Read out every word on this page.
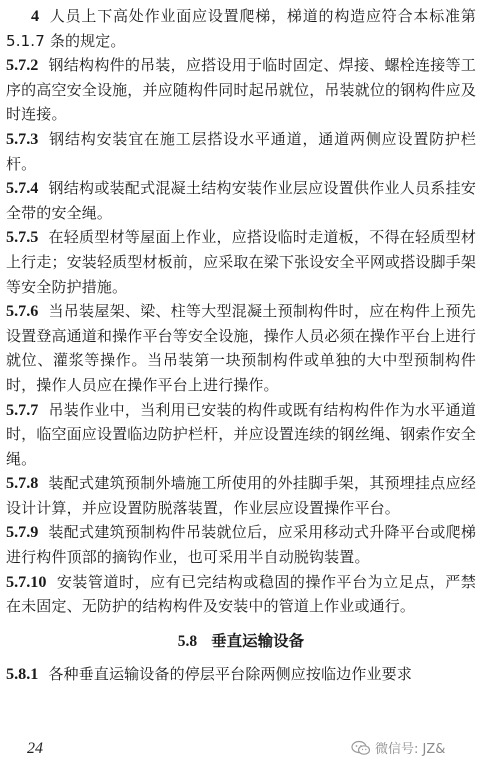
4 人员上下高处作业面应设置爬梯，梯道的构造应符合本标准第 5.1.7 条的规定。

5.7.2 钢结构构件的吊装，应搭设用于临时固定、焊接、螺栓连接等工序的高空安全设施，并应随构件同时起吊就位，吊装就位的钢构件应及时连接。

5.7.3 钢结构安装宜在施工层搭设水平通道，通道两侧应设置防护栏杆。

5.7.4 钢结构或装配式混凝土结构安装作业层应设置供作业人员系挂安全带的安全绳。

5.7.5 在轻质型材等屋面上作业，应搭设临时走道板，不得在轻质型材上行走；安装轻质型材板前，应采取在梁下张设安全平网或搭设脚手架等安全防护措施。

5.7.6 当吊装屋架、梁、柱等大型混凝土预制构件时，应在构件上预先设置登高通道和操作平台等安全设施，操作人员必须在操作平台上进行就位、灌浆等操作。当吊装第一块预制构件或单独的大中型预制构件时，操作人员应在操作平台上进行操作。

5.7.7 吊装作业中，当利用已安装的构件或既有结构构件作为水平通道时，临空面应设置临边防护栏杆，并应设置连续的钢丝绳、钢索作安全绳。

5.7.8 装配式建筑预制外墙施工所使用的外挂脚手架，其预埋挂点应经设计计算，并应设置防脱落装置，作业层应设置操作平台。

5.7.9 装配式建筑预制构件吊装就位后，应采用移动式升降平台或爬梯进行构件顶部的摘钩作业，也可采用半自动脱钩装置。

5.7.10 安装管道时，应有已完结构或稳固的操作平台为立足点，严禁在未固定、无防护的结构构件及安装中的管道上作业或通行。

5.8 垂直运输设备

5.8.1 各种垂直运输设备的停层平台除两侧应按临边作业要求

24	微信号: JZ&
